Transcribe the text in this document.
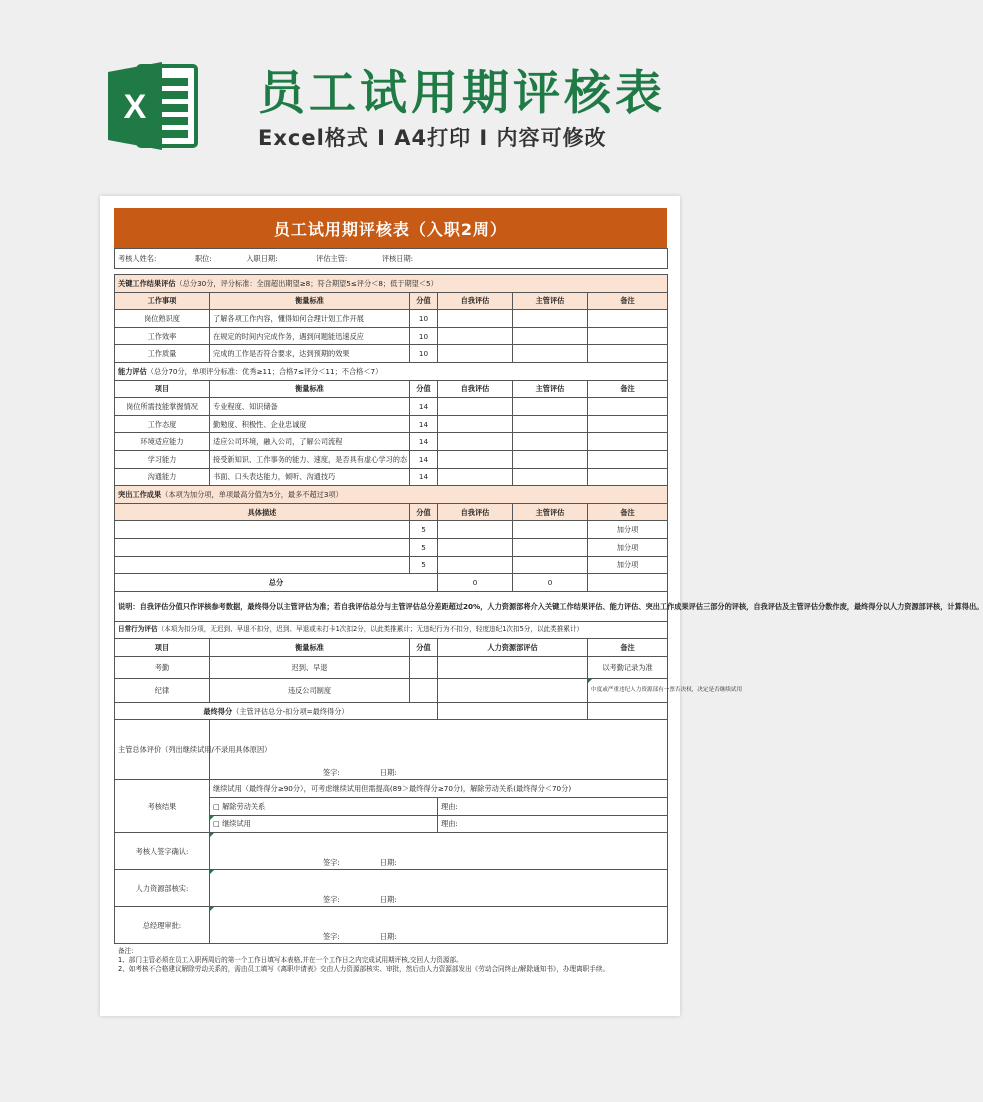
X 员工试用期评核表
Excel格式 I A4打印 I 内容可修改
员工试用期评核表（入职2周）
考核人姓名: 职位: 入职日期: 评估主管: 评核日期:					

关键工作结果评估（总分30分，评分标准：全面超出期望≥8；符合期望5≤评分＜8；低于期望＜5）					
工作事项	衡量标准	分值	自我评估	主管评估	备注
岗位熟识度	了解各项工作内容，懂得如何合理计划工作开展	10			
工作效率	在规定的时间内完成作务，遇到问题能迅速反应	10			
工作质量	完成的工作是否符合要求，达到预期的效果	10			
能力评估（总分70分，单项评分标准：优秀≥11；合格7≤评分＜11；不合格＜7）					
项目	衡量标准	分值	自我评估	主管评估	备注
岗位所需技能掌握情况	专业程度、知识储备	14			
工作态度	勤勉度、积极性、企业忠诚度	14			
环境适应能力	适应公司环境，融入公司，了解公司流程	14			
学习能力	接受新知识、工作事务的能力、速度，是否具有虚心学习的态	14			
沟通能力	书面、口头表达能力，倾听、沟通技巧	14			
突出工作成果（本项为加分项，单项最高分值为5分，最多不超过3项）					
具体描述		分值	自我评估	主管评估	备注
		5			加分项
		5			加分项
		5			加分项
总分			0	0	
说明：自我评估分值只作评核参考数据，最终得分以主管评估为准；若自我评估总分与主管评估总分差距超过20%，人力资源部将介入关键工作结果评估、能力评估、突出工作成果评估三部分的评核，自我评估及主管评估分数作废，最终得分以人力资源部评核，计算得出。					
日常行为评估（本项为扣分项，无迟到、早退不扣分，迟到、早退或未打卡1次扣2分，以此类推累计；无违纪行为不扣分，轻度违纪1次扣5分，以此类推累计）					
项目	衡量标准	分值	人力资源部评估		备注
考勤	迟到、早退				以考勤记录为准
纪律	违反公司制度				中度或严重违纪人力资源部有一票否决权，决定是否继续试用
最终得分（主管评估总分-扣分项=最终得分）					
主管总体评价（列出继续试用/不录用具体原因）	签字: 日期:				
考核结果	继续试用（最终得分≥90分），可考虑继续试用但需提高(89＞最终得分≥70分)，解除劳动关系(最终得分＜70分)				
	□ 解除劳动关系		理由:		
	□ 继续试用		理由:		
考核人签字确认:	签字: 日期:				
人力资源部核实:	签字: 日期:				
总经理审批:	签字: 日期:				
备注:
1、部门主管必须在员工入职两周后的第一个工作日填写本表格,并在一个工作日之内完成试用期评核,交回人力资源部。
2、如考核不合格建议解除劳动关系的，需由员工填写《离职申请表》交由人力资源部核实、审批，然后由人力资源部发出《劳动合同终止/解除通知书》，办理离职手续。
